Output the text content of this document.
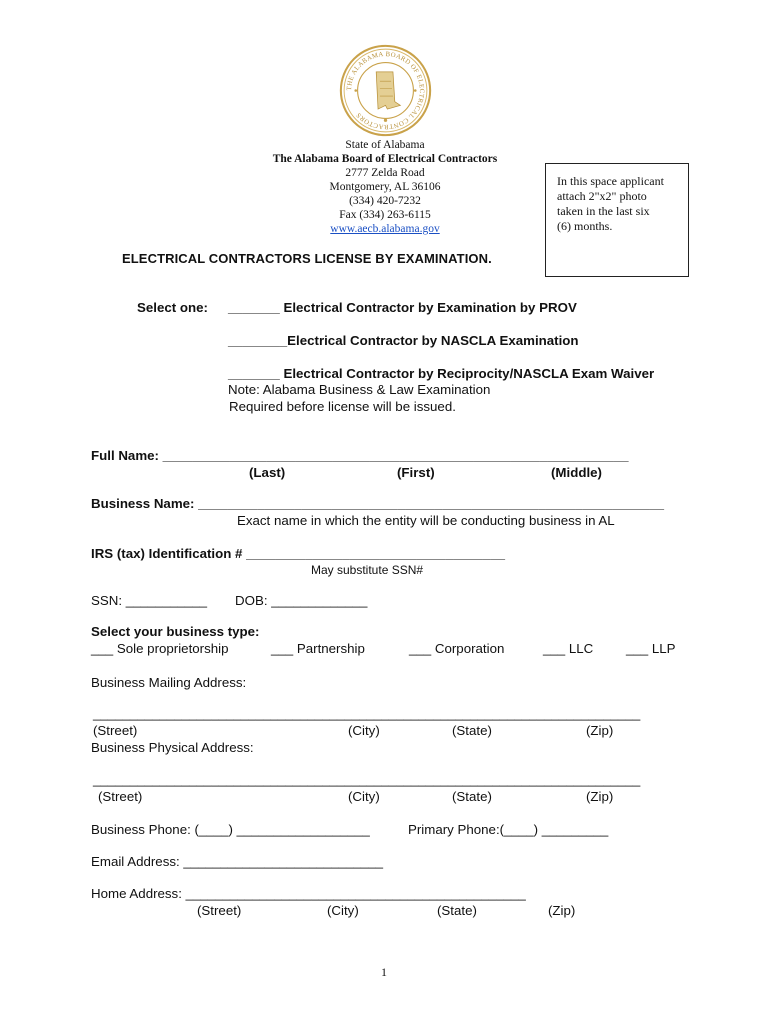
THE ALABAMA BOARD OF ELECTRICAL CONTRACTORS
State of Alabama
The Alabama Board of Electrical Contractors
2777 Zelda Road
Montgomery, AL 36106
(334) 420-7232
Fax (334) 263-6115
www.aecb.alabama.gov
In this space applicant
attach 2"x2" photo
taken in the last six
(6) months.
ELECTRICAL CONTRACTORS LICENSE BY EXAMINATION.
Select one: _______ Electrical Contractor by Examination by PROV
________Electrical Contractor by NASCLA Examination
_______ Electrical Contractor by Reciprocity/NASCLA Exam Waiver
Note: Alabama Business & Law Examination
Required before license will be issued.
Full Name: _______________________________________________________________
(Last)	(First)	(Middle)
Business Name: _______________________________________________________________
Exact name in which the entity will be conducting business in AL
IRS (tax) Identification # ___________________________________
May substitute SSN#
SSN: ___________ DOB: _____________
Select your business type:
___ Sole proprietorship	___ Partnership	___ Corporation	___ LLC ___ LLP
Business Mailing Address:
__________________________________________________________________________
(Street)	(City)	(State)	(Zip)
Business Physical Address:
__________________________________________________________________________
(Street)	(City)	(State)	(Zip)
Business Phone: (____) __________________	Primary Phone:(____) _________
Email Address: ___________________________
Home Address: ______________________________________________
(Street)	(City)	(State)	(Zip)
1
